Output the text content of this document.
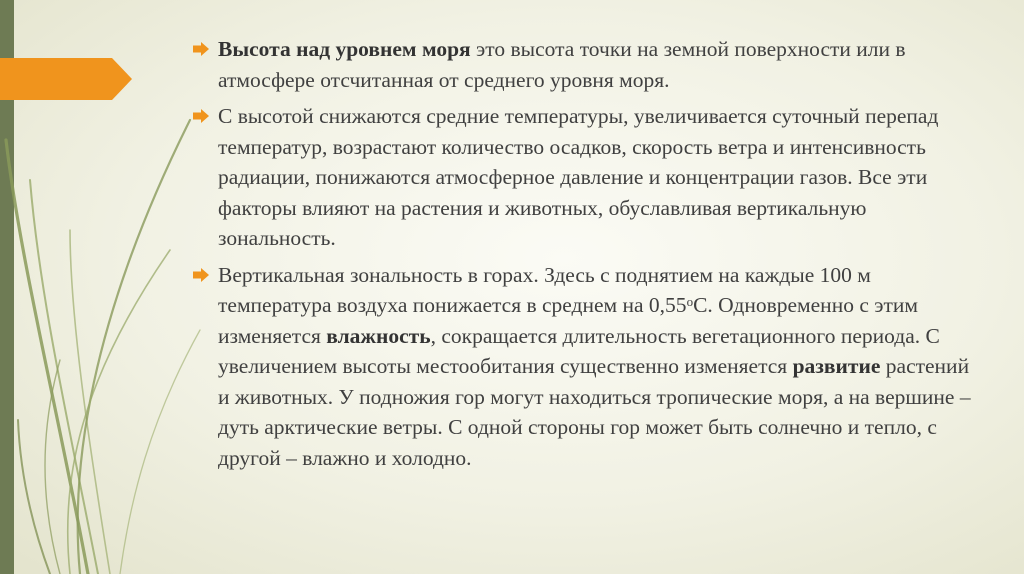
Высота над уровнем моря это высота точки на земной поверхности или в атмосфере отсчитанная от среднего уровня моря.
С высотой снижаются средние температуры, увеличивается суточный перепад температур, возрастают количество осадков, скорость ветра и интенсивность радиации, понижаются атмосферное давление и концентрации газов. Все эти факторы влияют на растения и животных, обуславливая вертикальную зональность.
Вертикальная зональность в горах. Здесь с поднятием на каждые 100 м температура воздуха понижается в среднем на $0,55^оС$. Одновременно с этим изменяется влажность, сокращается длительность вегетационного периода. С увеличением высоты местообитания существенно изменяется развитие растений и животных. У подножия гор могут находиться тропические моря, а на вершине – дуть арктические ветры. С одной стороны гор может быть солнечно и тепло, с другой – влажно и холодно.
